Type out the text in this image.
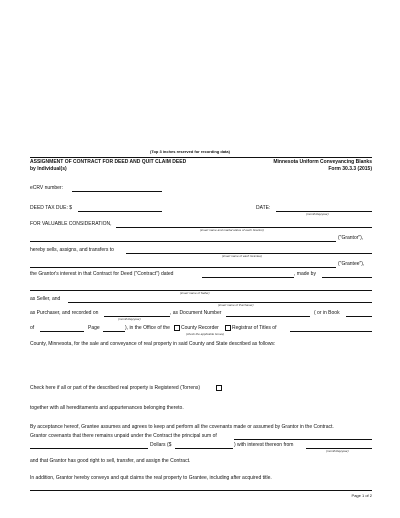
(Top 3 inches reserved for recording data)
ASSIGNMENT OF CONTRACT FOR DEED AND QUIT CLAIM DEED
by Individual(s)
Minnesota Uniform Conveyancing Blanks
Form 30.3.3 (2015)
eCRV number:
DEED TAX DUE: $	DATE:
(month/day/year)
FOR VALUABLE CONSIDERATION,
(insert name and marital status of each Grantor)
("Grantor"),
hereby sells, assigns, and transfers to
(insert name of each Grantee)
("Grantee"),
the Grantor's interest in that Contract for Deed ("Contract") dated	, made by
(insert name of Seller)
as Seller, and
(insert name of Purchaser)
as Purchaser, and recorded on
(month/day/year)
, as Document Number	( or in Book
of	Page	), in the Office of the County Recorder	Registrar of Titles of
(check the applicable boxes)
County, Minnesota, for the sale and conveyance of real property in said County and State described as follows:
Check here if all or part of the described real property is Registered (Torrens)
together with all hereditaments and appurtenances belonging thereto.
By acceptance hereof, Grantee assumes and agrees to keep and perform all the covenants made or assumed by Grantor in the Contract.
Grantor covenants that there remains unpaid under the Contract the principal sum of
Dollars ($	) with interest thereon from
(month/day/year)
and that Grantor has good right to sell, transfer, and assign the Contract.
In addition, Grantor hereby conveys and quit claims the real property to Grantee, including after acquired title.
Page 1 of 2
